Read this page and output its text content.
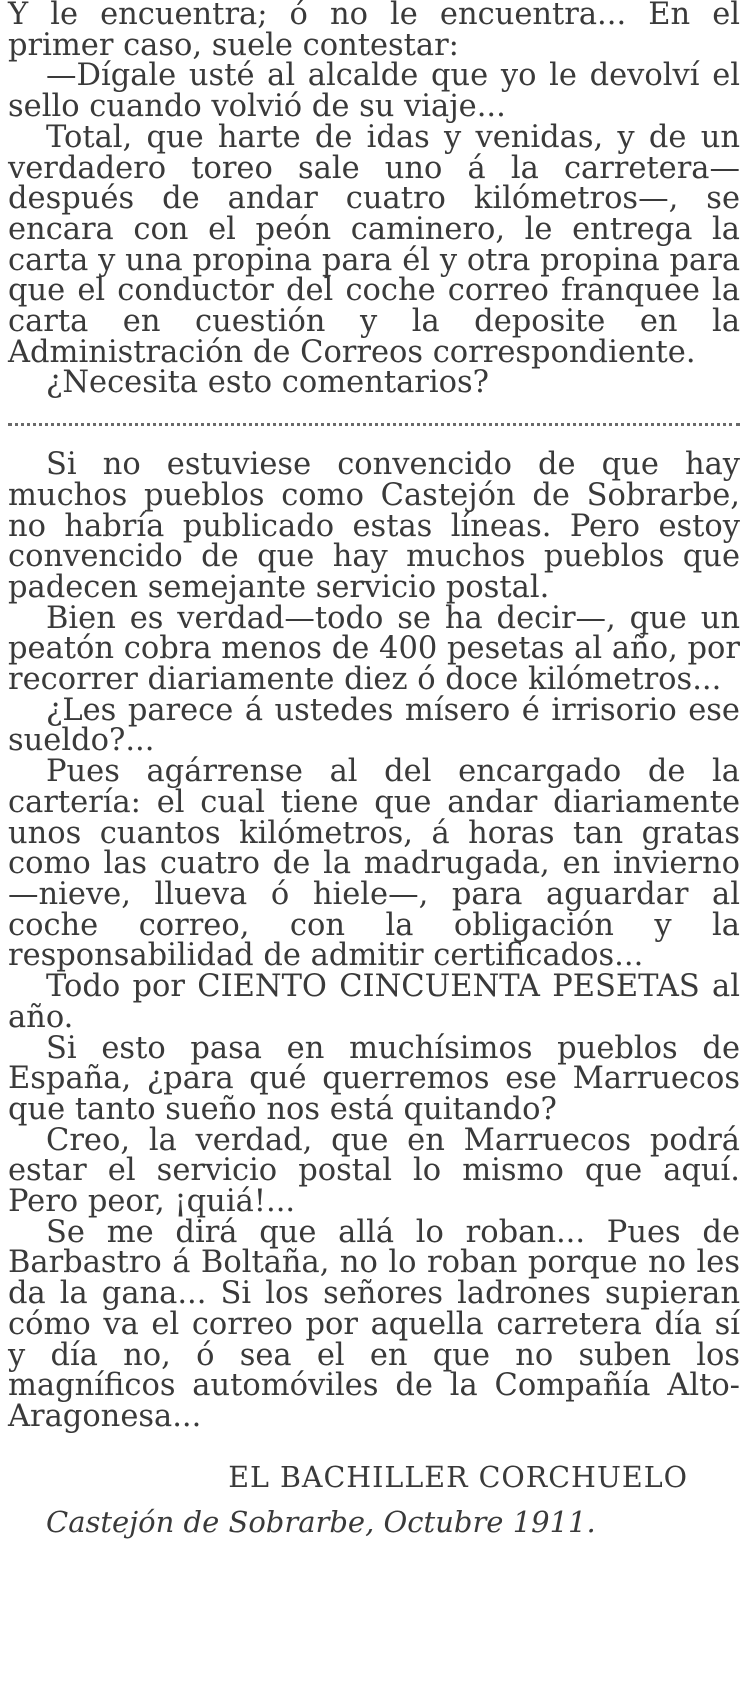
Y le encuentra; ó no le encuentra... En el primer caso, suele contestar:

—Dígale usté al alcalde que yo le devolví el sello cuando volvió de su viaje...

Total, que harte de idas y venidas, y de un verdadero toreo sale uno á la carretera—después de andar cuatro kilómetros—, se encara con el peón caminero, le entrega la carta y una propina para él y otra propina para que el conductor del coche correo franquee la carta en cuestión y la deposite en la Administración de Correos correspondiente.

¿Necesita esto comentarios?

Si no estuviese convencido de que hay muchos pueblos como Castejón de Sobrarbe, no habría publicado estas líneas. Pero estoy convencido de que hay muchos pueblos que padecen semejante servicio postal.

Bien es verdad—todo se ha decir—, que un peatón cobra menos de 400 pesetas al año, por recorrer diariamente diez ó doce kilómetros...

¿Les parece á ustedes mísero é irrisorio ese sueldo?...

Pues agárrense al del encargado de la cartería: el cual tiene que andar diariamente unos cuantos kilómetros, á horas tan gratas como las cuatro de la madrugada, en invierno—nieve, llueva ó hiele—, para aguardar al coche correo, con la obligación y la responsabilidad de admitir certificados...

Todo por CIENTO CINCUENTA PESETAS al año.

Si esto pasa en muchísimos pueblos de España, ¿para qué querremos ese Marruecos que tanto sueño nos está quitando?

Creo, la verdad, que en Marruecos podrá estar el servicio postal lo mismo que aquí. Pero peor, ¡quiá!...

Se me dirá que allá lo roban... Pues de Barbastro á Boltaña, no lo roban porque no les da la gana... Si los señores ladrones supieran cómo va el correo por aquella carretera día sí y día no, ó sea el en que no suben los magníficos automóviles de la Compañía Alto-Aragonesa...

EL BACHILLER CORCHUELO

Castejón de Sobrarbe, Octubre 1911.
